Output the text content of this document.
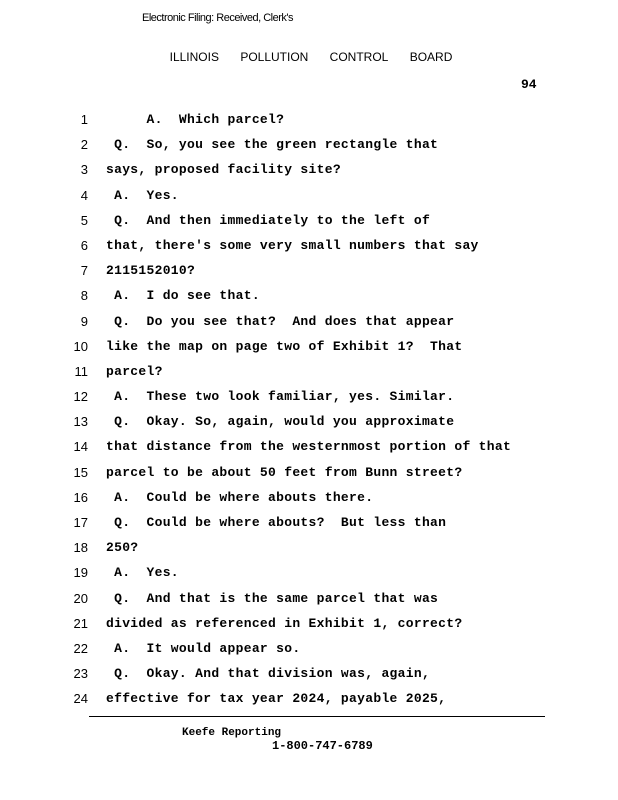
Electronic Filing: Received, Clerk's
ILLINOIS POLLUTION CONTROL BOARD
94
1 A.  Which parcel?
2 Q.  So, you see the green rectangle that
3 says, proposed facility site?
4 A.  Yes.
5 Q.  And then immediately to the left of
6 that, there's some very small numbers that say
7 2115152010?
8 A.  I do see that.
9 Q.  Do you see that?  And does that appear
10 like the map on page two of Exhibit 1?  That
11 parcel?
12 A.  These two look familiar, yes. Similar.
13 Q.  Okay. So, again, would you approximate
14 that distance from the westernmost portion of that
15 parcel to be about 50 feet from Bunn street?
16 A.  Could be where abouts there.
17 Q.  Could be where abouts?  But less than
18 250?
19 A.  Yes.
20 Q.  And that is the same parcel that was
21 divided as referenced in Exhibit 1, correct?
22 A.  It would appear so.
23 Q.  Okay. And that division was, again,
24 effective for tax year 2024, payable 2025,
Keefe Reporting
1-800-747-6789
